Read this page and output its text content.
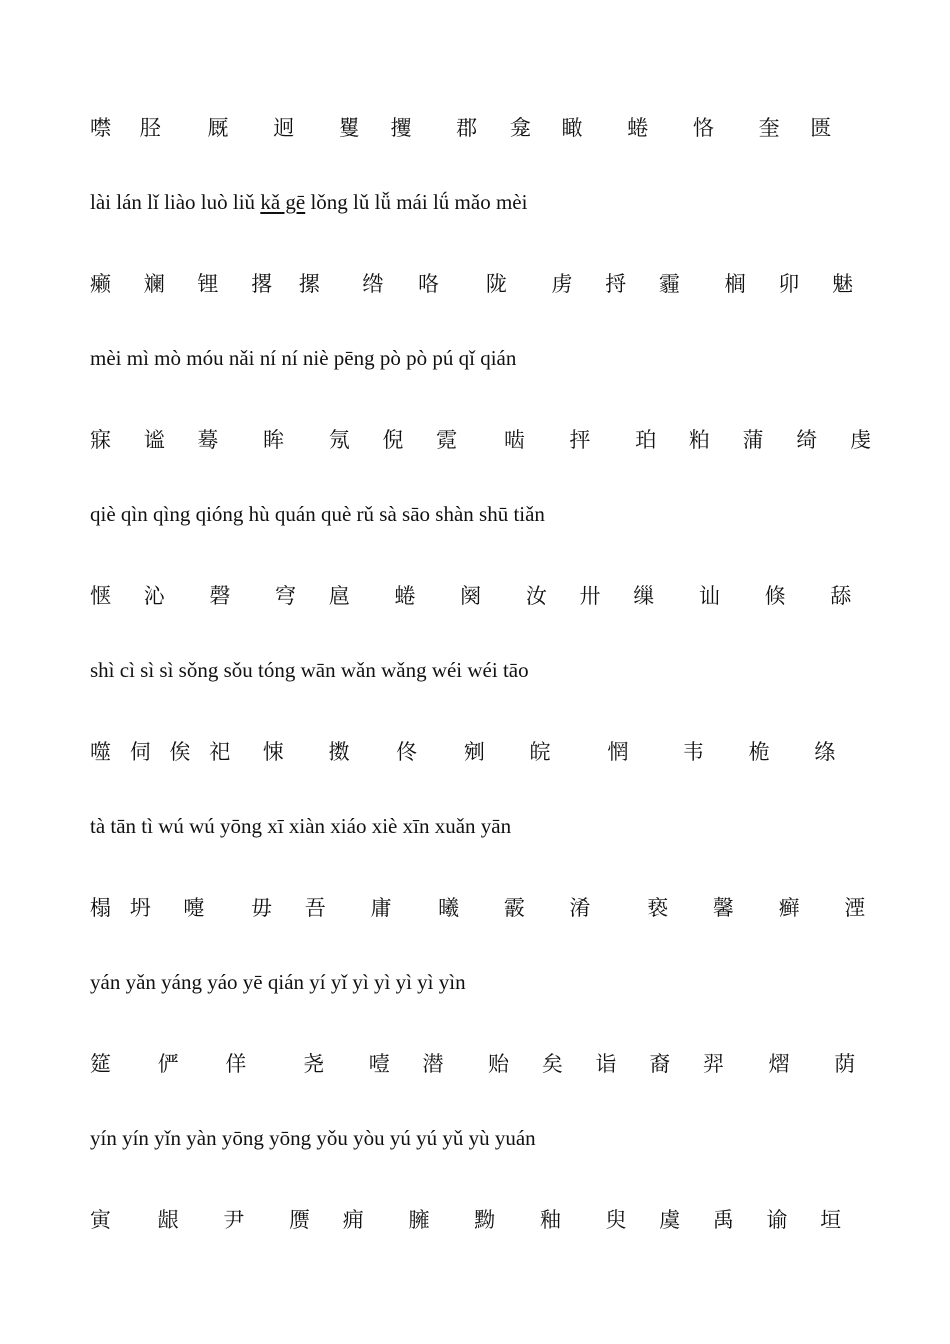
噤 胫 厩 迥 矍 攫 郡 龛 瞰 蜷 恪 奎 匮
lài lán lǐ liào luò liǔ kǎ gē lǒng lǔ lǚ mái lǘ mǎo mèi
癞 斓 锂 撂 摞 绺 咯 陇 虏 捋 霾 榈 卯 魅
mèi mì mò móu nǎi ní ní niè pēng pò pò pú qǐ qián
寐 谧 蓦 眸 氖 倪 霓 啮 抨 珀 粕 蒲 绮 虔
qiè qìn qìng qióng hù quán què rǔ sà sāo shàn shū tiǎn
惬 沁 磬 穹 扈 蜷 阕 汝 卅 缫 讪 倏 舔
shì cì sì sì sǒng sǒu tóng wān wǎn wǎng wéi wéi tāo
噬 伺 俟 祀 悚 擞 佟 剜 皖	惘	韦 桅 绦
tà tān tì wú wú yōng xī xiàn xiáo xiè xīn xuǎn yān
榻 坍 嚏 毋 吾 庸 曦 霰 淆	亵 馨 癣 湮
yán yǎn yáng yáo yē qián yí yǐ yì yì yì yì yìn
筵 俨 佯	尧 噎 潜 贻 矣 诣 裔 羿 熠 荫
yín yín yǐn yàn yōng yōng yǒu yòu yú yú yǔ yù yuán
寅 龈 尹 赝 痈 臃 黝 釉 臾 虞 禹 谕 垣
